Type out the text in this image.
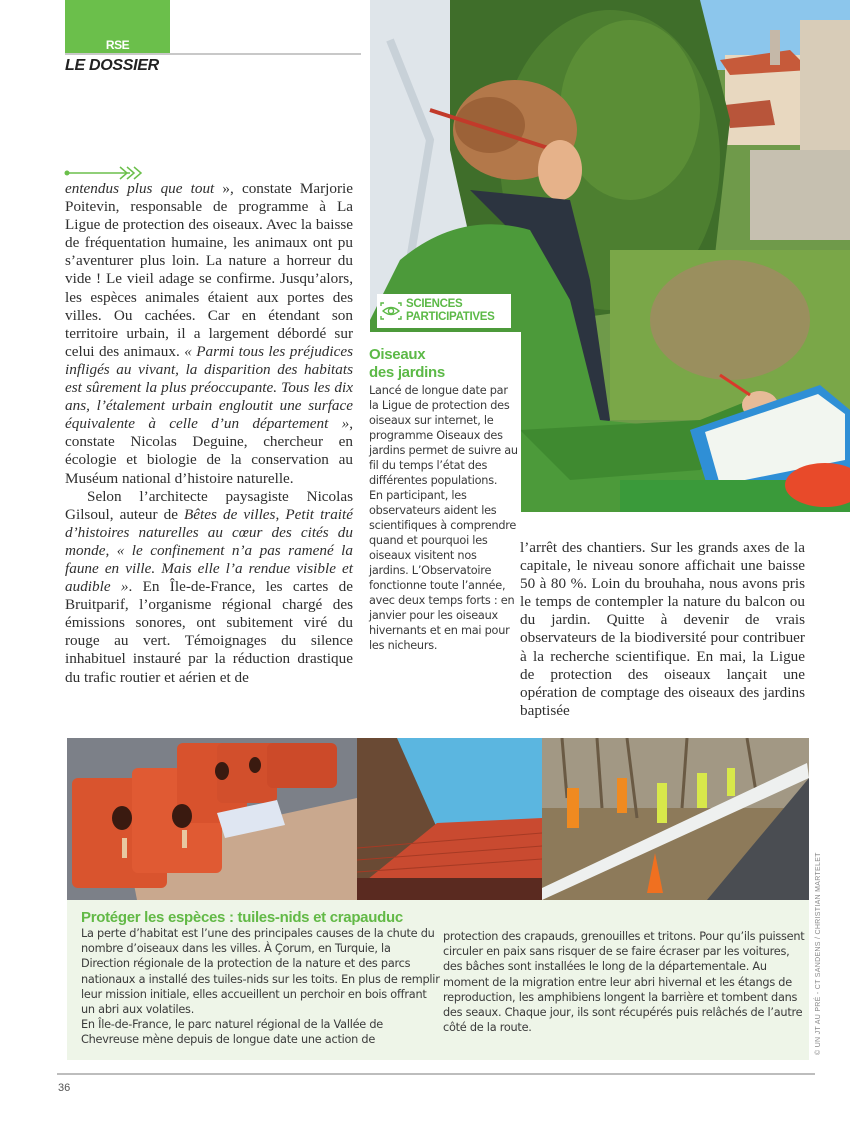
RSE
LE DOSSIER

entendus plus que tout », constate Marjorie Poitevin, responsable de programme à La Ligue de protection des oiseaux. Avec la baisse de fréquentation humaine, les animaux ont pu s’aventurer plus loin. La nature a horreur du vide ! Le vieil adage se confirme. Jusqu’alors, les espèces animales étaient aux portes des villes. Ou cachées. Car en étendant son territoire urbain, il a largement débordé sur celui des animaux. « Parmi tous les préjudices infligés au vivant, la disparition des habitats est sûrement la plus préoccupante. Tous les dix ans, l’étalement urbain engloutit une surface équivalente à celle d’un département », constate Nicolas Deguine, chercheur en écologie et biologie de la conservation au Muséum national d’histoire naturelle.

Selon l’architecte paysagiste Nicolas Gilsoul, auteur de Bêtes de villes, Petit traité d’histoires naturelles au cœur des cités du monde, « le confinement n’a pas ramené la faune en ville. Mais elle l’a rendue visible et audible ». En Île-de-France, les cartes de Bruitparif, l’organisme régional chargé des émissions sonores, ont subitement viré du rouge au vert. Témoignages du silence inhabituel instauré par la réduction drastique du trafic routier et aérien et de

SCIENCES
PARTICIPATIVES
Oiseaux
des jardins

Lancé de longue date par la Ligue de protection des oiseaux sur internet, le programme Oiseaux des jardins permet de suivre au fil du temps l’état des différentes populations.

En participant, les observateurs aident les scientifiques à comprendre quand et pourquoi les oiseaux visitent nos jardins. L’Observatoire fonctionne toute l’année, avec deux temps forts : en janvier pour les oiseaux hivernants et en mai pour les nicheurs.

l’arrêt des chantiers. Sur les grands axes de la capitale, le niveau sonore affichait une baisse 50 à 80 %. Loin du brouhaha, nous avons pris le temps de contempler la nature du balcon ou du jardin. Quitte à devenir de vrais observateurs de la biodiversité pour contribuer à la recherche scientifique. En mai, la Ligue de protection des oiseaux lançait une opération de comptage des oiseaux des jardins baptisée

Protéger les espèces : tuiles-nids et crapauduc

La perte d’habitat est l’une des principales causes de la chute du nombre d’oiseaux dans les villes. À Çorum, en Turquie, la Direction régionale de la protection de la nature et des parcs nationaux a installé des tuiles-nids sur les toits. En plus de remplir leur mission initiale, elles accueillent un perchoir en bois offrant un abri aux volatiles.

En Île-de-France, le parc naturel régional de la Vallée de Chevreuse mène depuis de longue date une action de

protection des crapauds, grenouilles et tritons. Pour qu’ils puissent circuler en paix sans risquer de se faire écraser par les voitures, des bâches sont installées le long de la départementale. Au moment de la migration entre leur abri hivernal et les étangs de reproduction, les amphibiens longent la barrière et tombent dans des seaux. Chaque jour, ils sont récupérés puis relâchés de l’autre côté de la route.	© UN JT AU PRÉ - CT SANDENS / CHRISTIAN MARTELET
36
